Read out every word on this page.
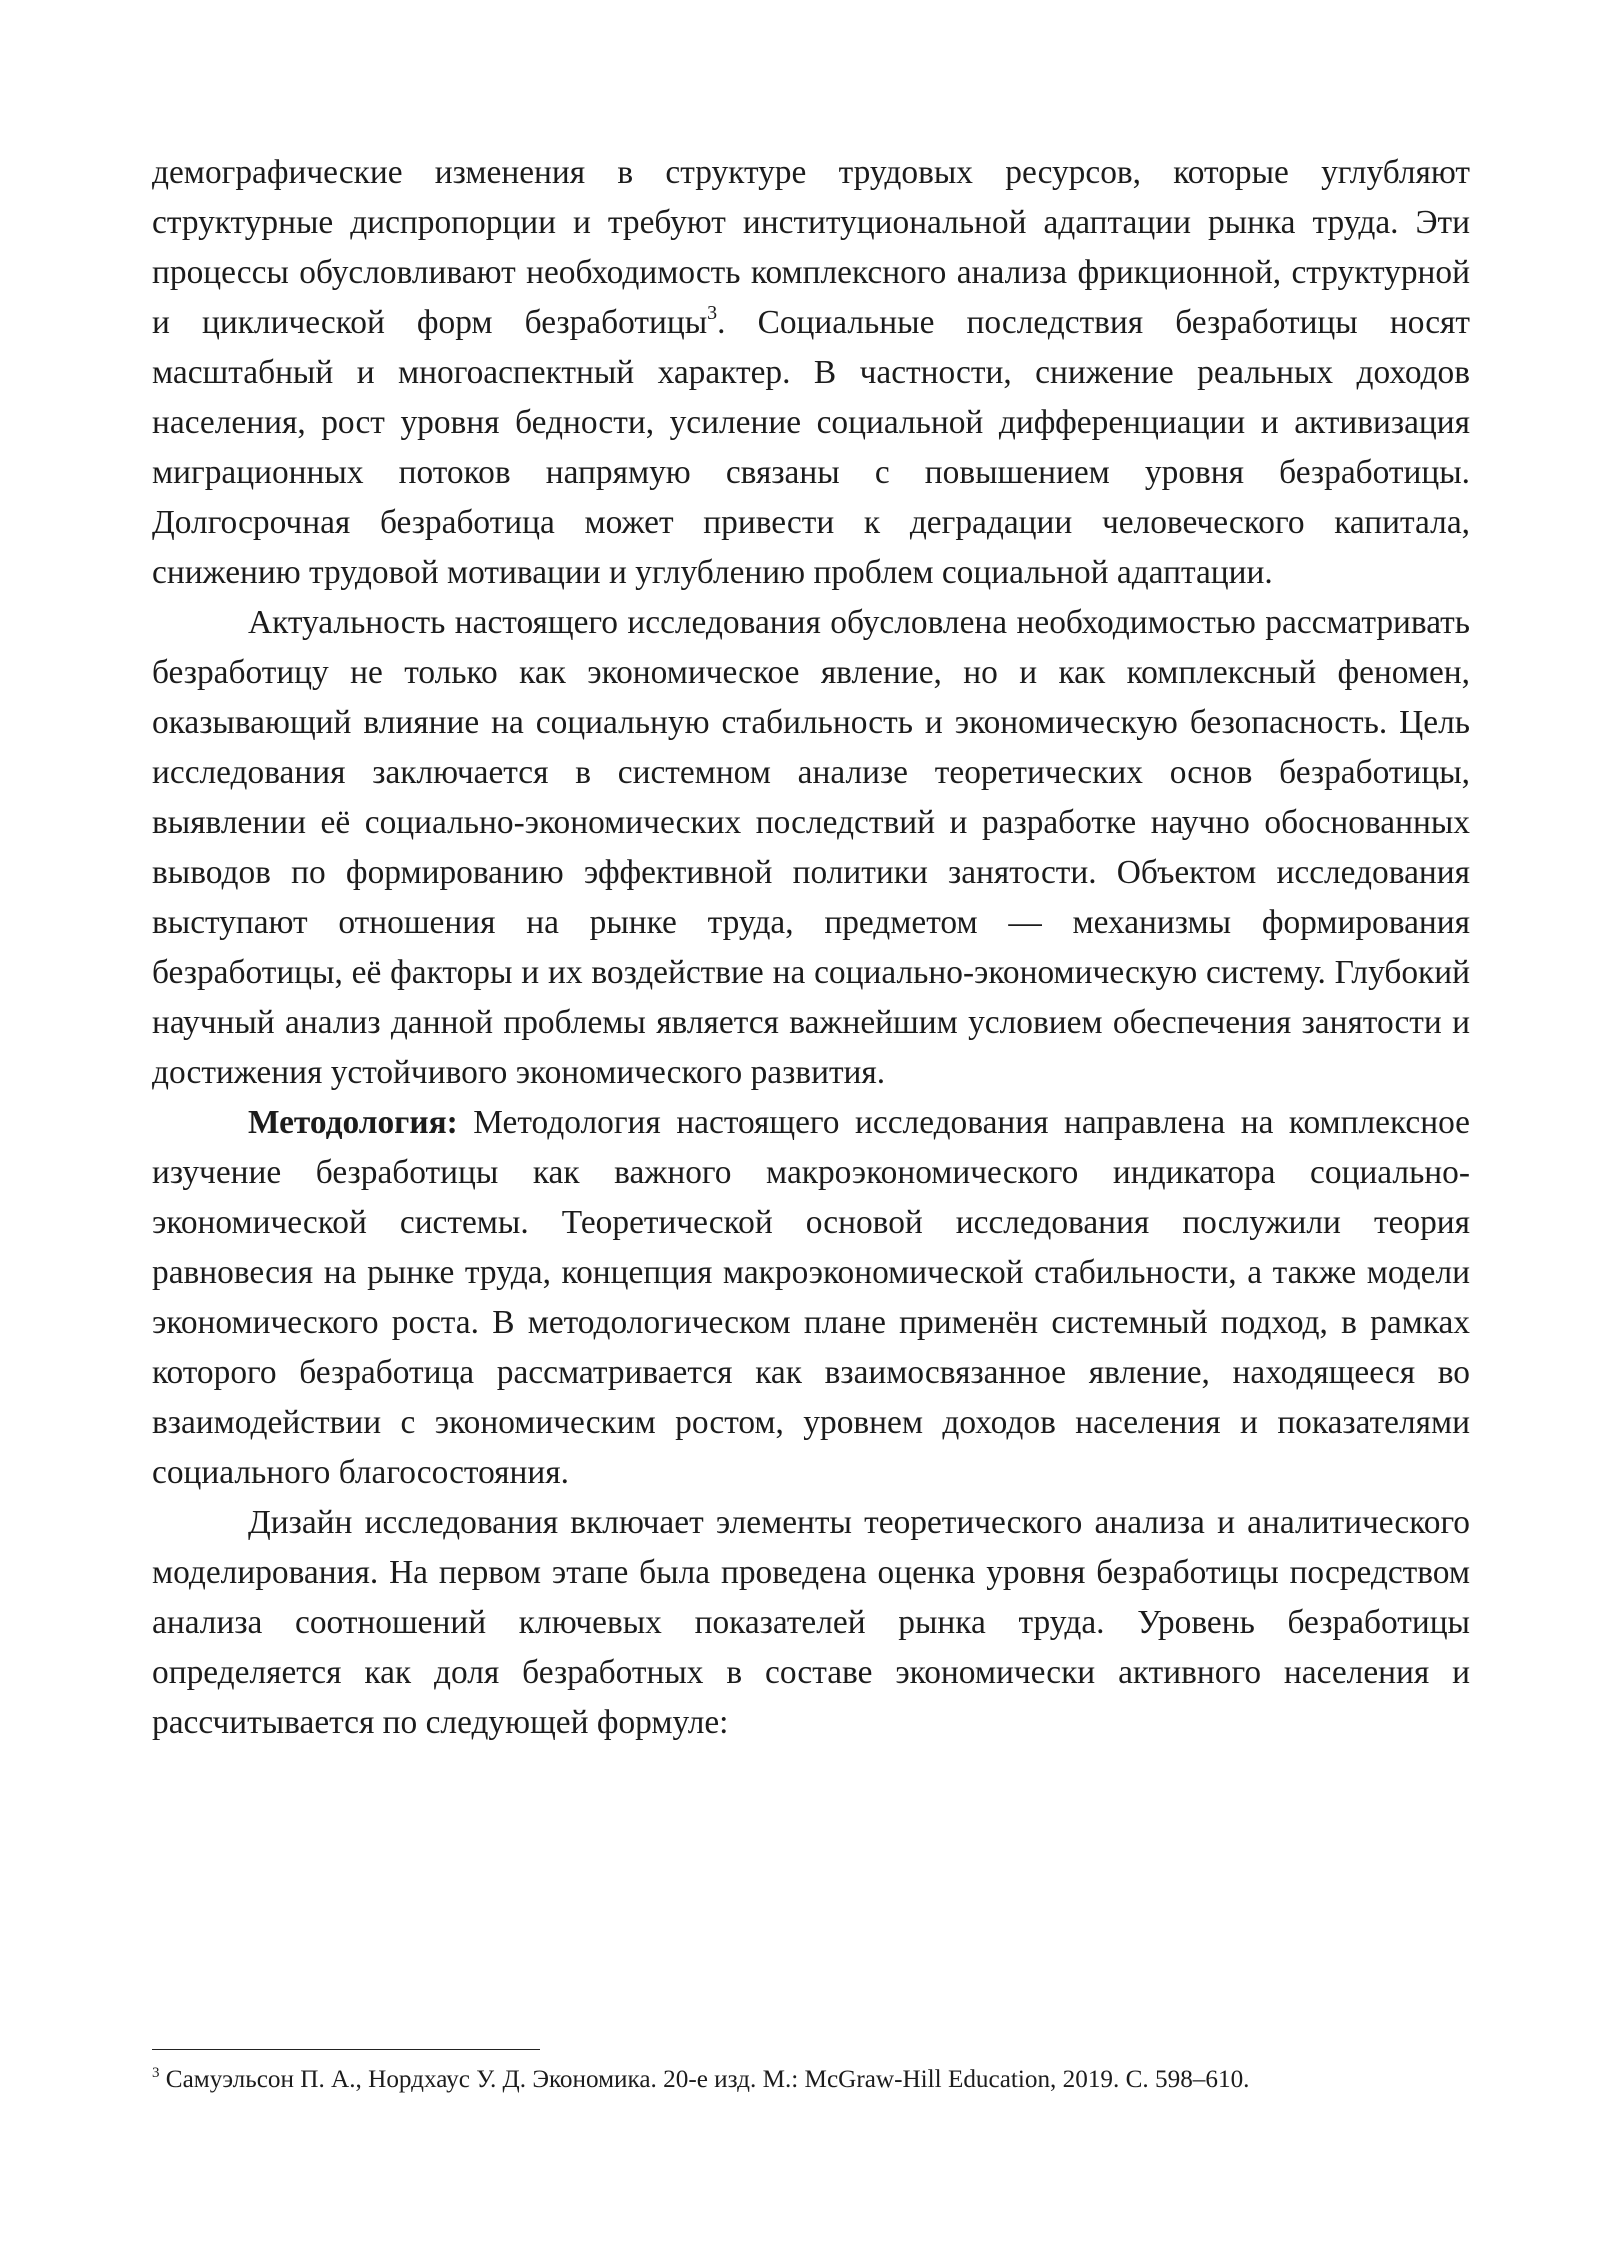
демографические изменения в структуре трудовых ресурсов, которые углубляют структурные диспропорции и требуют институциональной адаптации рынка труда. Эти процессы обусловливают необходимость комплексного анализа фрикционной, структурной и циклической форм безработицы$^3$. Социальные последствия безработицы носят масштабный и многоаспектный характер. В частности, снижение реальных доходов населения, рост уровня бедности, усиление социальной дифференциации и активизация миграционных потоков напрямую связаны с повышением уровня безработицы. Долгосрочная безработица может привести к деградации человеческого капитала, снижению трудовой мотивации и углублению проблем социальной адаптации.

Актуальность настоящего исследования обусловлена необходимостью рассматривать безработицу не только как экономическое явление, но и как комплексный феномен, оказывающий влияние на социальную стабильность и экономическую безопасность. Цель исследования заключается в системном анализе теоретических основ безработицы, выявлении её социально-экономических последствий и разработке научно обоснованных выводов по формированию эффективной политики занятости. Объектом исследования выступают отношения на рынке труда, предметом — механизмы формирования безработицы, её факторы и их воздействие на социально-экономическую систему. Глубокий научный анализ данной проблемы является важнейшим условием обеспечения занятости и достижения устойчивого экономического развития.

Методология: Методология настоящего исследования направлена на комплексное изучение безработицы как важного макроэкономического индикатора социально-экономической системы. Теоретической основой исследования послужили теория равновесия на рынке труда, концепция макроэкономической стабильности, а также модели экономического роста. В методологическом плане применён системный подход, в рамках которого безработица рассматривается как взаимосвязанное явление, находящееся во взаимодействии с экономическим ростом, уровнем доходов населения и показателями социального благосостояния.

Дизайн исследования включает элементы теоретического анализа и аналитического моделирования. На первом этапе была проведена оценка уровня безработицы посредством анализа соотношений ключевых показателей рынка труда. Уровень безработицы определяется как доля безработных в составе экономически активного населения и рассчитывается по следующей формуле:

$^3$ Самуэльсон П. А., Нордхаус У. Д. Экономика. 20-е изд. М.: McGraw-Hill Education, 2019. С. 598–610.
